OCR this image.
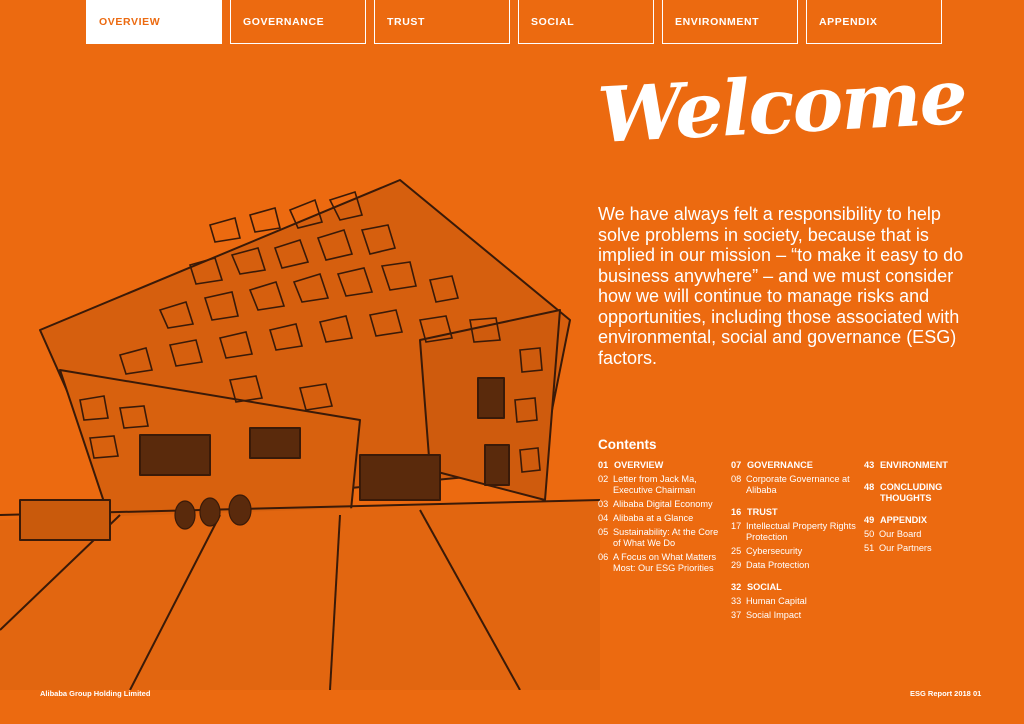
OVERVIEW	GOVERNANCE	TRUST	SOCIAL	ENVIRONMENT	APPENDIX
Welcome
We have always felt a responsibility to help solve problems in society, because that is implied in our mission – “to make it easy to do business anywhere” – and we must consider how we will continue to manage risks and opportunities, including those associated with environmental, social and governance (ESG) factors.
Contents
01 OVERVIEW
02 Letter from Jack Ma, Executive Chairman
03 Alibaba Digital Economy
04 Alibaba at a Glance
05 Sustainability: At the Core of What We Do
06 A Focus on What Matters Most: Our ESG Priorities
07 GOVERNANCE
08 Corporate Governance at Alibaba
16 TRUST
17 Intellectual Property Rights Protection
25 Cybersecurity
29 Data Protection
32 SOCIAL
33 Human Capital
37 Social Impact
43 ENVIRONMENT
48 CONCLUDING THOUGHTS
49 APPENDIX
50 Our Board
51 Our Partners
Alibaba Group Holding Limited	ESG Report 2018 01
